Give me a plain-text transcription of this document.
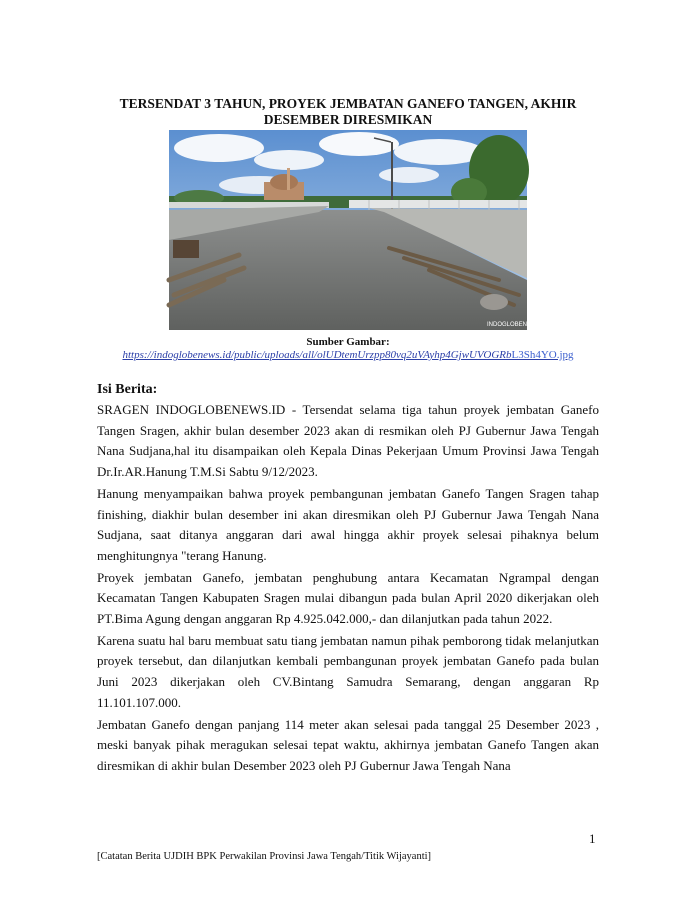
TERSENDAT 3 TAHUN, PROYEK JEMBATAN GANEFO TANGEN, AKHIR DESEMBER DIRESMIKAN
INDOGLOBENEWS
Sumber Gambar:
https://indoglobenews.id/public/uploads/all/olUDtemUrzpp80vq2uVAyhp4GjwUVOGRbL3Sh4YO.jpg
Isi Berita:

SRAGEN INDOGLOBENEWS.ID - Tersendat selama tiga tahun proyek jembatan Ganefo Tangen Sragen, akhir bulan desember 2023 akan di resmikan oleh PJ Gubernur Jawa Tengah Nana Sudjana,hal itu disampaikan oleh Kepala Dinas Pekerjaan Umum Provinsi Jawa Tengah Dr.Ir.AR.Hanung T.M.Si Sabtu 9/12/2023.

Hanung menyampaikan bahwa proyek pembangunan jembatan Ganefo Tangen Sragen tahap finishing, diakhir bulan desember ini akan diresmikan oleh PJ Gubernur Jawa Tengah Nana Sudjana, saat ditanya anggaran dari awal hingga akhir proyek selesai pihaknya belum menghitungnya "terang Hanung.

Proyek jembatan Ganefo, jembatan penghubung antara Kecamatan Ngrampal dengan Kecamatan Tangen Kabupaten Sragen mulai dibangun pada bulan April 2020 dikerjakan oleh PT.Bima Agung dengan anggaran Rp 4.925.042.000,- dan dilanjutkan pada tahun 2022.

Karena suatu hal baru membuat satu tiang jembatan namun pihak pemborong tidak melanjutkan proyek tersebut, dan dilanjutkan kembali pembangunan proyek jembatan Ganefo pada bulan Juni 2023 dikerjakan oleh CV.Bintang Samudra Semarang, dengan anggaran Rp 11.101.107.000.

Jembatan Ganefo dengan panjang 114 meter akan selesai pada tanggal 25 Desember 2023 , meski banyak pihak meragukan selesai tepat waktu, akhirnya jembatan Ganefo Tangen akan diresmikan di akhir bulan Desember 2023 oleh PJ Gubernur Jawa Tengah Nana

1
[Catatan Berita UJDIH BPK Perwakilan Provinsi Jawa Tengah/Titik Wijayanti]
